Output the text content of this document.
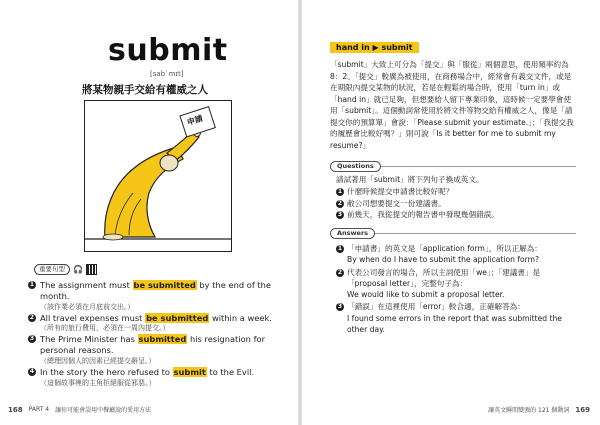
submit
[sab`mɪt]
將某物親手交給有權威之人
申請
重要句型	🎧
1 The assignment must be submitted by the end of the month.
（該作業必須在月底前交出。）
2 All travel expenses must be submitted within a week.
（所有的旅行費用，必須在一周內提交。）
3 The Prime Minister has submitted his resignation for personal reasons.
（總理因個人的因素已經提交辭呈。）
4 In the story the hero refused to submit to the Evil.
（這個故事裡的主角拒絕服從邪惡。）
168 PART 4 讓你可能會誤用中餐廳說的愛用方法
hand in ▶ submit
「submit」大致上可分為「提交」與「服從」兩個意思，使用頻率約為 8：2。「提交」較廣為被使用，在商務場合中，經常會有義交文件，或是在期限內提交某物的狀況，若是在輕鬆的場合時，使用「turn in」或「hand in」就已足夠，但想要給人留下專業印象，這時候一定要學會使用「submit」。這個動詞常使用於將文件等物交給有權威之人，像是「請提交你的預算單」會說：「Please submit your estimate.」；「我提交我的履歷會比較好嗎？」則可說「Is it better for me to submit my resume?」
Questions
請試著用「submit」將下列句子換成英文。
1 什麼時候提交申請書比較好呢？
2 敝公司想要提交一份建議書。
3 前幾天，我從提交的報告書中發現幾個錯誤。
Answers
1 「申請書」的英文是「application form」，所以正解為：
By when do I have to submit the application form?
2 代表公司發言的場合，所以主詞使用「we」；「建議書」是「proposal letter」，完整句子為：
We would like to submit a proposal letter.
3 「錯誤」在這裡使用「error」較合適，正確解答為：
I found some errors in the report that was submitted the other day.
讓英文瞬間變強的 121 個動詞 169
